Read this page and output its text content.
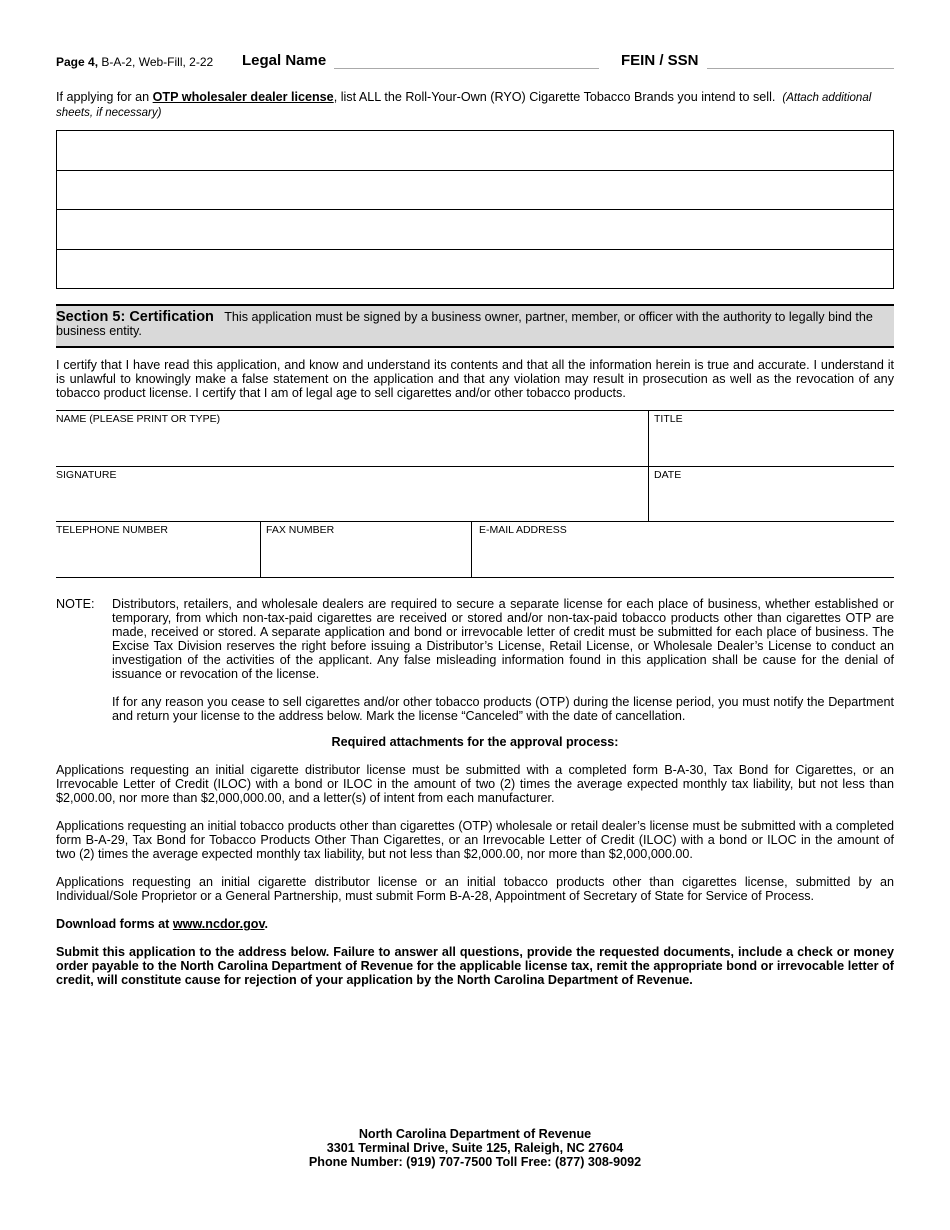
Page 4, B-A-2, Web-Fill, 2-22 Legal Name	FEIN / SSN
If applying for an OTP wholesaler dealer license, list ALL the Roll-Your-Own (RYO) Cigarette Tobacco Brands you intend to sell. (Attach additional sheets, if necessary)
Section 5: Certification This application must be signed by a business owner, partner, member, or officer with the authority to legally bind the business entity.
I certify that I have read this application, and know and understand its contents and that all the information herein is true and accurate. I understand it is unlawful to knowingly make a false statement on the application and that any violation may result in prosecution as well as the revocation of any tobacco product license. I certify that I am of legal age to sell cigarettes and/or other tobacco products.
NAME (PLEASE PRINT OR TYPE)	TITLE
SIGNATURE	DATE
TELEPHONE NUMBER	FAX NUMBER	E-MAIL ADDRESS
NOTE: Distributors, retailers, and wholesale dealers are required to secure a separate license for each place of business, whether established or temporary, from which non-tax-paid cigarettes are received or stored and/or non-tax-paid tobacco products other than cigarettes OTP are made, received or stored. A separate application and bond or irrevocable letter of credit must be submitted for each place of business. The Excise Tax Division reserves the right before issuing a Distributor’s License, Retail License, or Wholesale Dealer’s License to conduct an investigation of the activities of the applicant. Any false misleading information found in this application shall be cause for the denial of issuance or revocation of the license.

If for any reason you cease to sell cigarettes and/or other tobacco products (OTP) during the license period, you must notify the Department and return your license to the address below. Mark the license “Canceled” with the date of cancellation.

Required attachments for the approval process:

Applications requesting an initial cigarette distributor license must be submitted with a completed form B-A-30, Tax Bond for Cigarettes, or an Irrevocable Letter of Credit (ILOC) with a bond or ILOC in the amount of two (2) times the average expected monthly tax liability, but not less than $2,000.00, nor more than $2,000,000.00, and a letter(s) of intent from each manufacturer.

Applications requesting an initial tobacco products other than cigarettes (OTP) wholesale or retail dealer’s license must be submitted with a completed form B-A-29, Tax Bond for Tobacco Products Other Than Cigarettes, or an Irrevocable Letter of Credit (ILOC) with a bond or ILOC in the amount of two (2) times the average expected monthly tax liability, but not less than $2,000.00, nor more than $2,000,000.00.

Applications requesting an initial cigarette distributor license or an initial tobacco products other than cigarettes license, submitted by an Individual/Sole Proprietor or a General Partnership, must submit Form B-A-28, Appointment of Secretary of State for Service of Process.

Download forms at www.ncdor.gov.

Submit this application to the address below. Failure to answer all questions, provide the requested documents, include a check or money order payable to the North Carolina Department of Revenue for the applicable license tax, remit the appropriate bond or irrevocable letter of credit, will constitute cause for rejection of your application by the North Carolina Department of Revenue.

North Carolina Department of Revenue
3301 Terminal Drive, Suite 125, Raleigh, NC 27604
Phone Number: (919) 707-7500 Toll Free: (877) 308-9092
